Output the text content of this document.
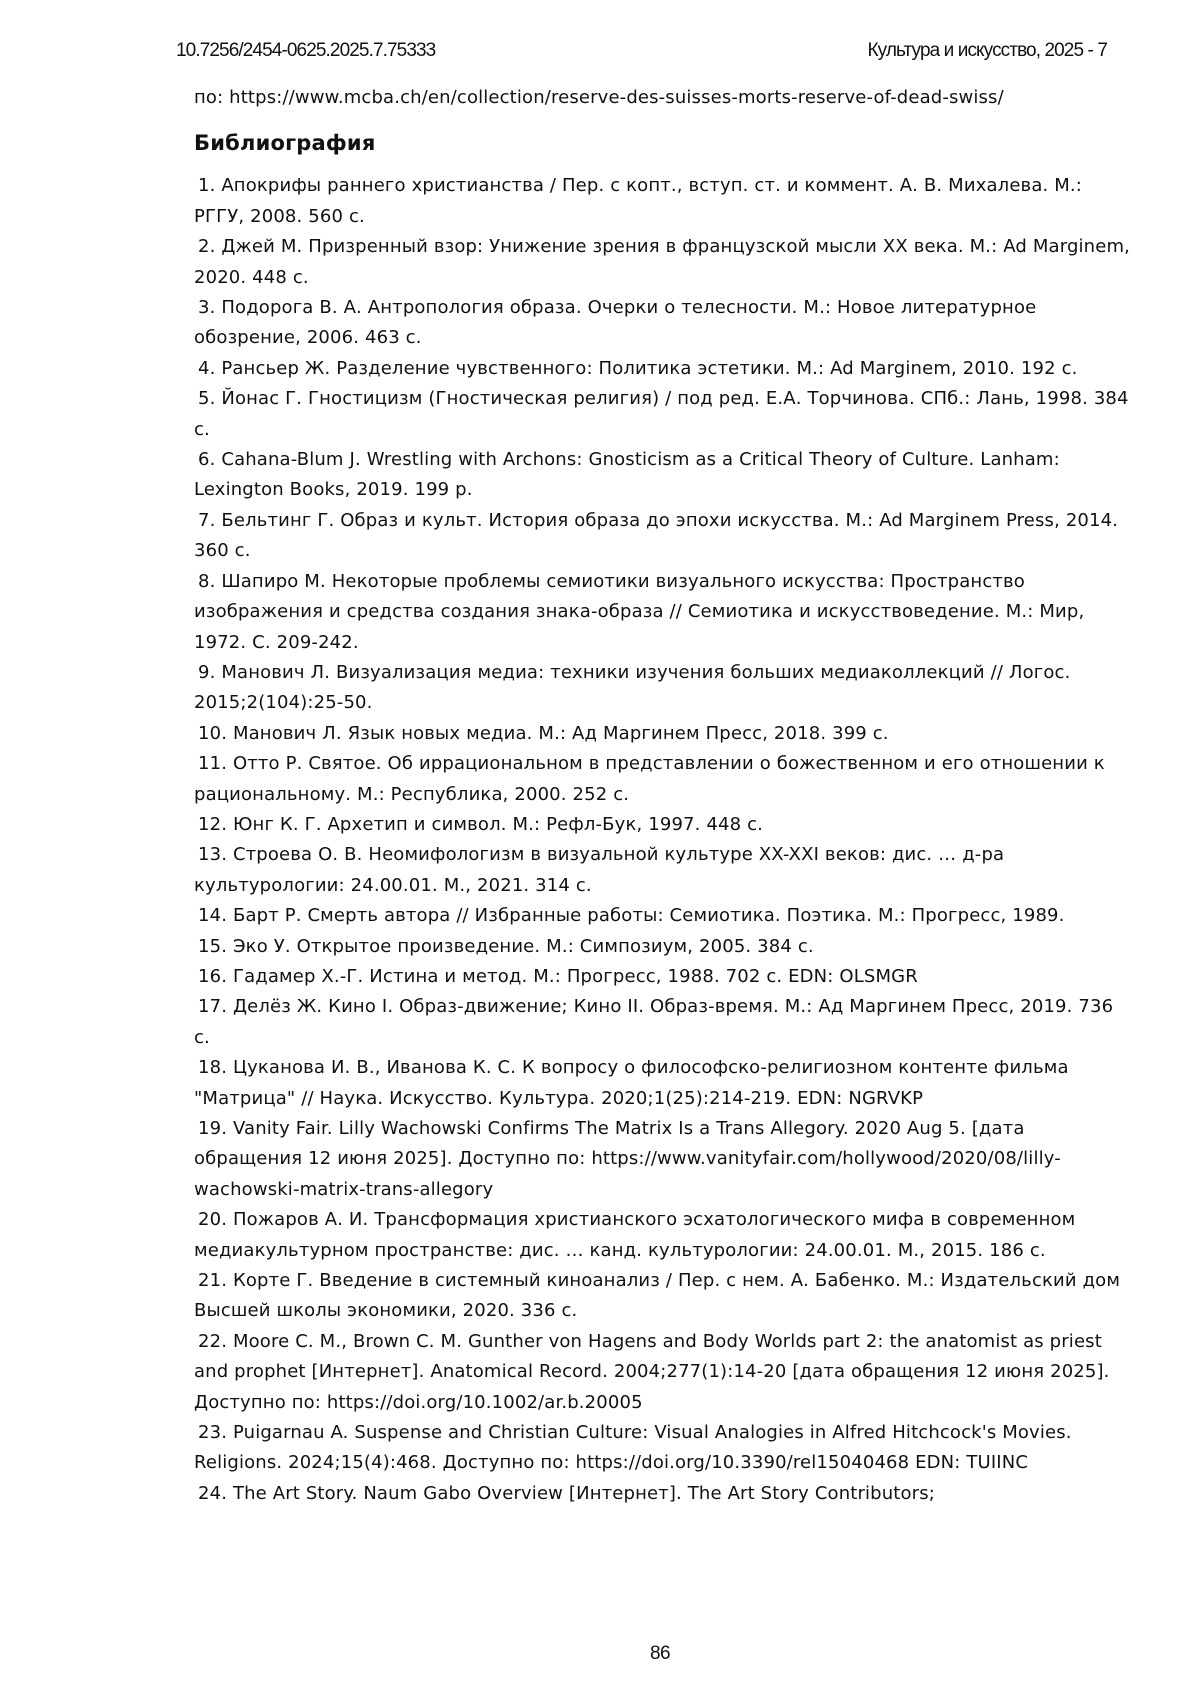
10.7256/2454-0625.2025.7.75333	Культура и искусство, 2025 - 7
по: https://www.mcba.ch/en/collection/reserve-des-suisses-morts-reserve-of-dead-swiss/
Библиография
1. Апокрифы раннего христианства / Пер. с копт., вступ. ст. и коммент. А. В. Михалева. М.: РГГУ, 2008. 560 с.
2. Джей М. Призренный взор: Унижение зрения в французской мысли XX века. М.: Ad Marginem, 2020. 448 с.
3. Подорога В. А. Антропология образа. Очерки о телесности. М.: Новое литературное обозрение, 2006. 463 с.
4. Рансьер Ж. Разделение чувственного: Политика эстетики. М.: Ad Marginem, 2010. 192 с.
5. Йонас Г. Гностицизм (Гностическая религия) / под ред. Е.А. Торчинова. СПб.: Лань, 1998. 384 с.
6. Cahana-Blum J. Wrestling with Archons: Gnosticism as a Critical Theory of Culture. Lanham: Lexington Books, 2019. 199 p.
7. Бельтинг Г. Образ и культ. История образа до эпохи искусства. М.: Ad Marginem Press, 2014. 360 с.
8. Шапиро М. Некоторые проблемы семиотики визуального искусства: Пространство изображения и средства создания знака-образа // Семиотика и искусствоведение. М.: Мир, 1972. С. 209-242.
9. Манович Л. Визуализация медиа: техники изучения больших медиаколлекций // Логос. 2015;2(104):25-50.
10. Манович Л. Язык новых медиа. М.: Ад Маргинем Пресс, 2018. 399 с.
11. Отто Р. Святое. Об иррациональном в представлении о божественном и его отношении к рациональному. М.: Республика, 2000. 252 с.
12. Юнг К. Г. Архетип и символ. М.: Рефл-Бук, 1997. 448 с.
13. Строева О. В. Неомифологизм в визуальной культуре XX-XXI веков: дис. … д-ра культурологии: 24.00.01. М., 2021. 314 с.
14. Барт Р. Смерть автора // Избранные работы: Семиотика. Поэтика. М.: Прогресс, 1989.
15. Эко У. Открытое произведение. М.: Симпозиум, 2005. 384 с.
16. Гадамер Х.-Г. Истина и метод. М.: Прогресс, 1988. 702 с. EDN: OLSMGR
17. Делёз Ж. Кино I. Образ-движение; Кино II. Образ-время. М.: Ад Маргинем Пресс, 2019. 736 с.
18. Цуканова И. В., Иванова К. С. К вопросу о философско-религиозном контенте фильма "Матрица" // Наука. Искусство. Культура. 2020;1(25):214-219. EDN: NGRVKP
19. Vanity Fair. Lilly Wachowski Confirms The Matrix Is a Trans Allegory. 2020 Aug 5. [дата обращения 12 июня 2025]. Доступно по: https://www.vanityfair.com/hollywood/2020/08/lilly-wachowski-matrix-trans-allegory
20. Пожаров А. И. Трансформация христианского эсхатологического мифа в современном медиакультурном пространстве: дис. … канд. культурологии: 24.00.01. М., 2015. 186 с.
21. Корте Г. Введение в системный киноанализ / Пер. с нем. А. Бабенко. М.: Издательский дом Высшей школы экономики, 2020. 336 с.
22. Moore C. M., Brown C. M. Gunther von Hagens and Body Worlds part 2: the anatomist as priest and prophet [Интернет]. Anatomical Record. 2004;277(1):14-20 [дата обращения 12 июня 2025]. Доступно по: https://doi.org/10.1002/ar.b.20005
23. Puigarnau A. Suspense and Christian Culture: Visual Analogies in Alfred Hitchcock's Movies. Religions. 2024;15(4):468. Доступно по: https://doi.org/10.3390/rel15040468 EDN: TUIINC
24. The Art Story. Naum Gabo Overview [Интернет]. The Art Story Contributors;
86
